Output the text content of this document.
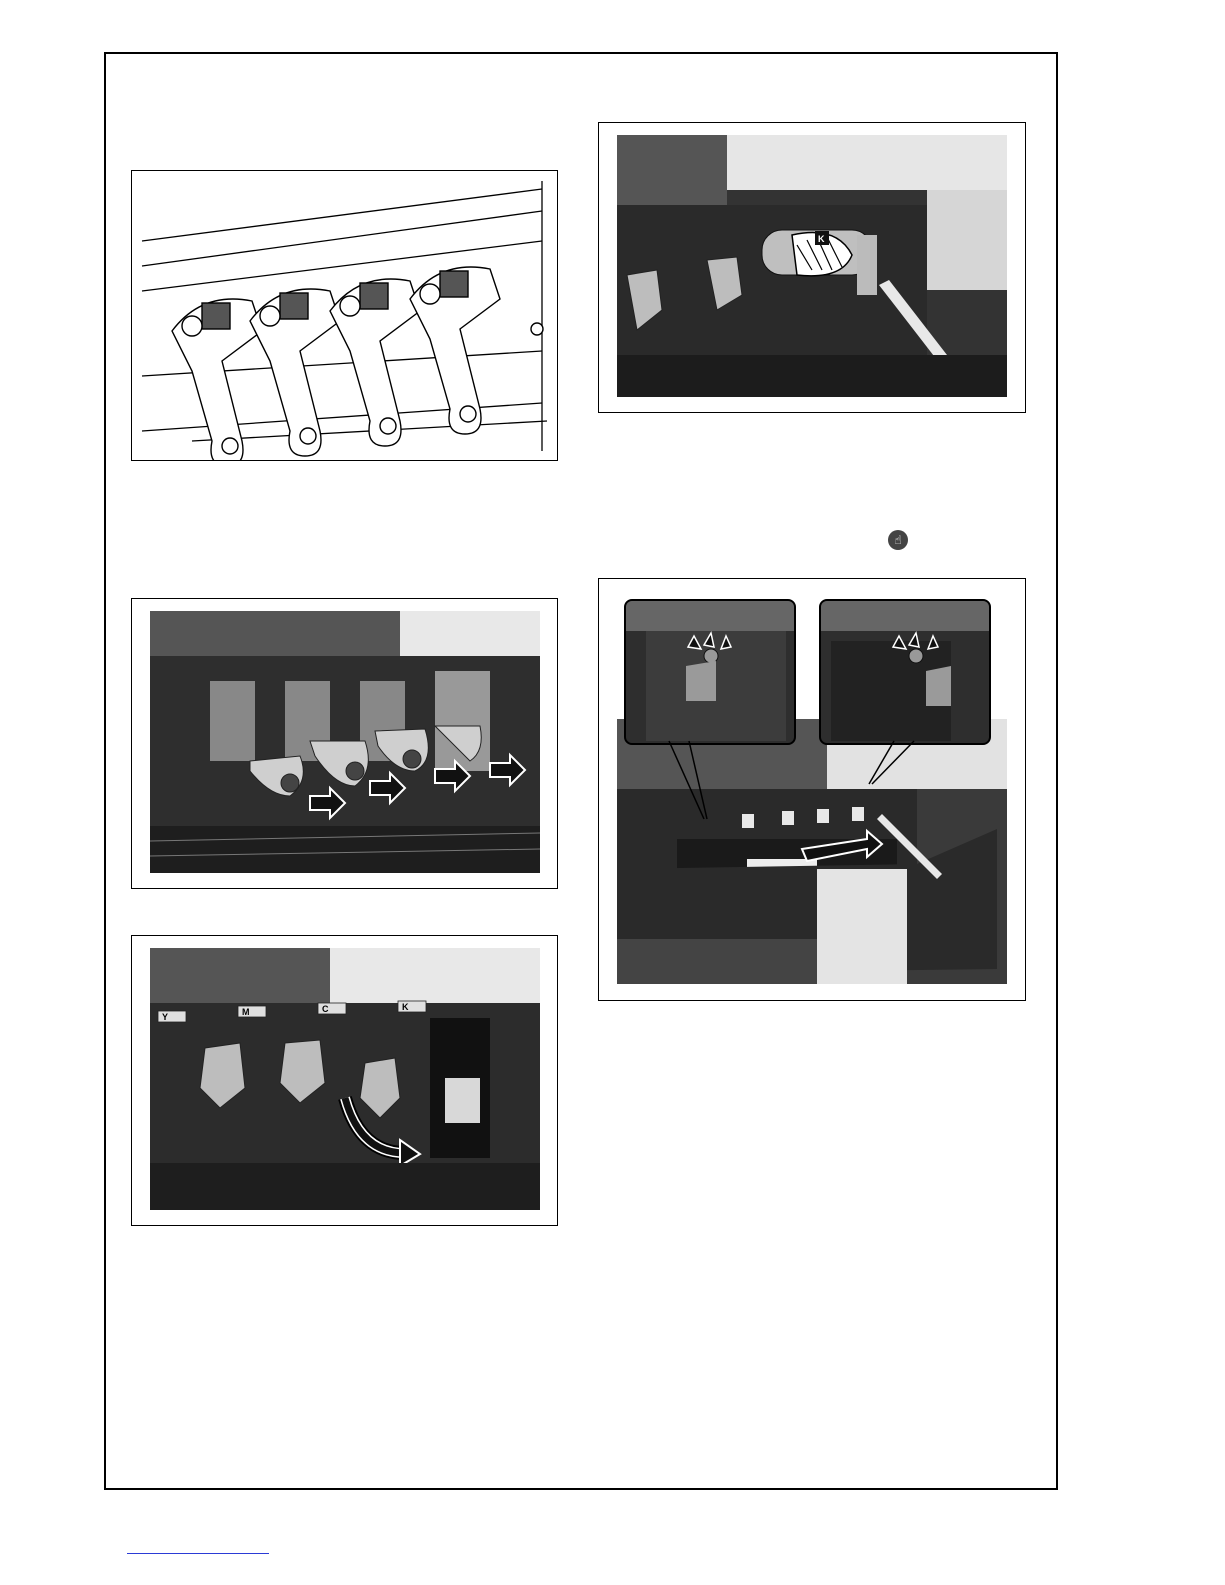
Y	M	C	K
K
☝
